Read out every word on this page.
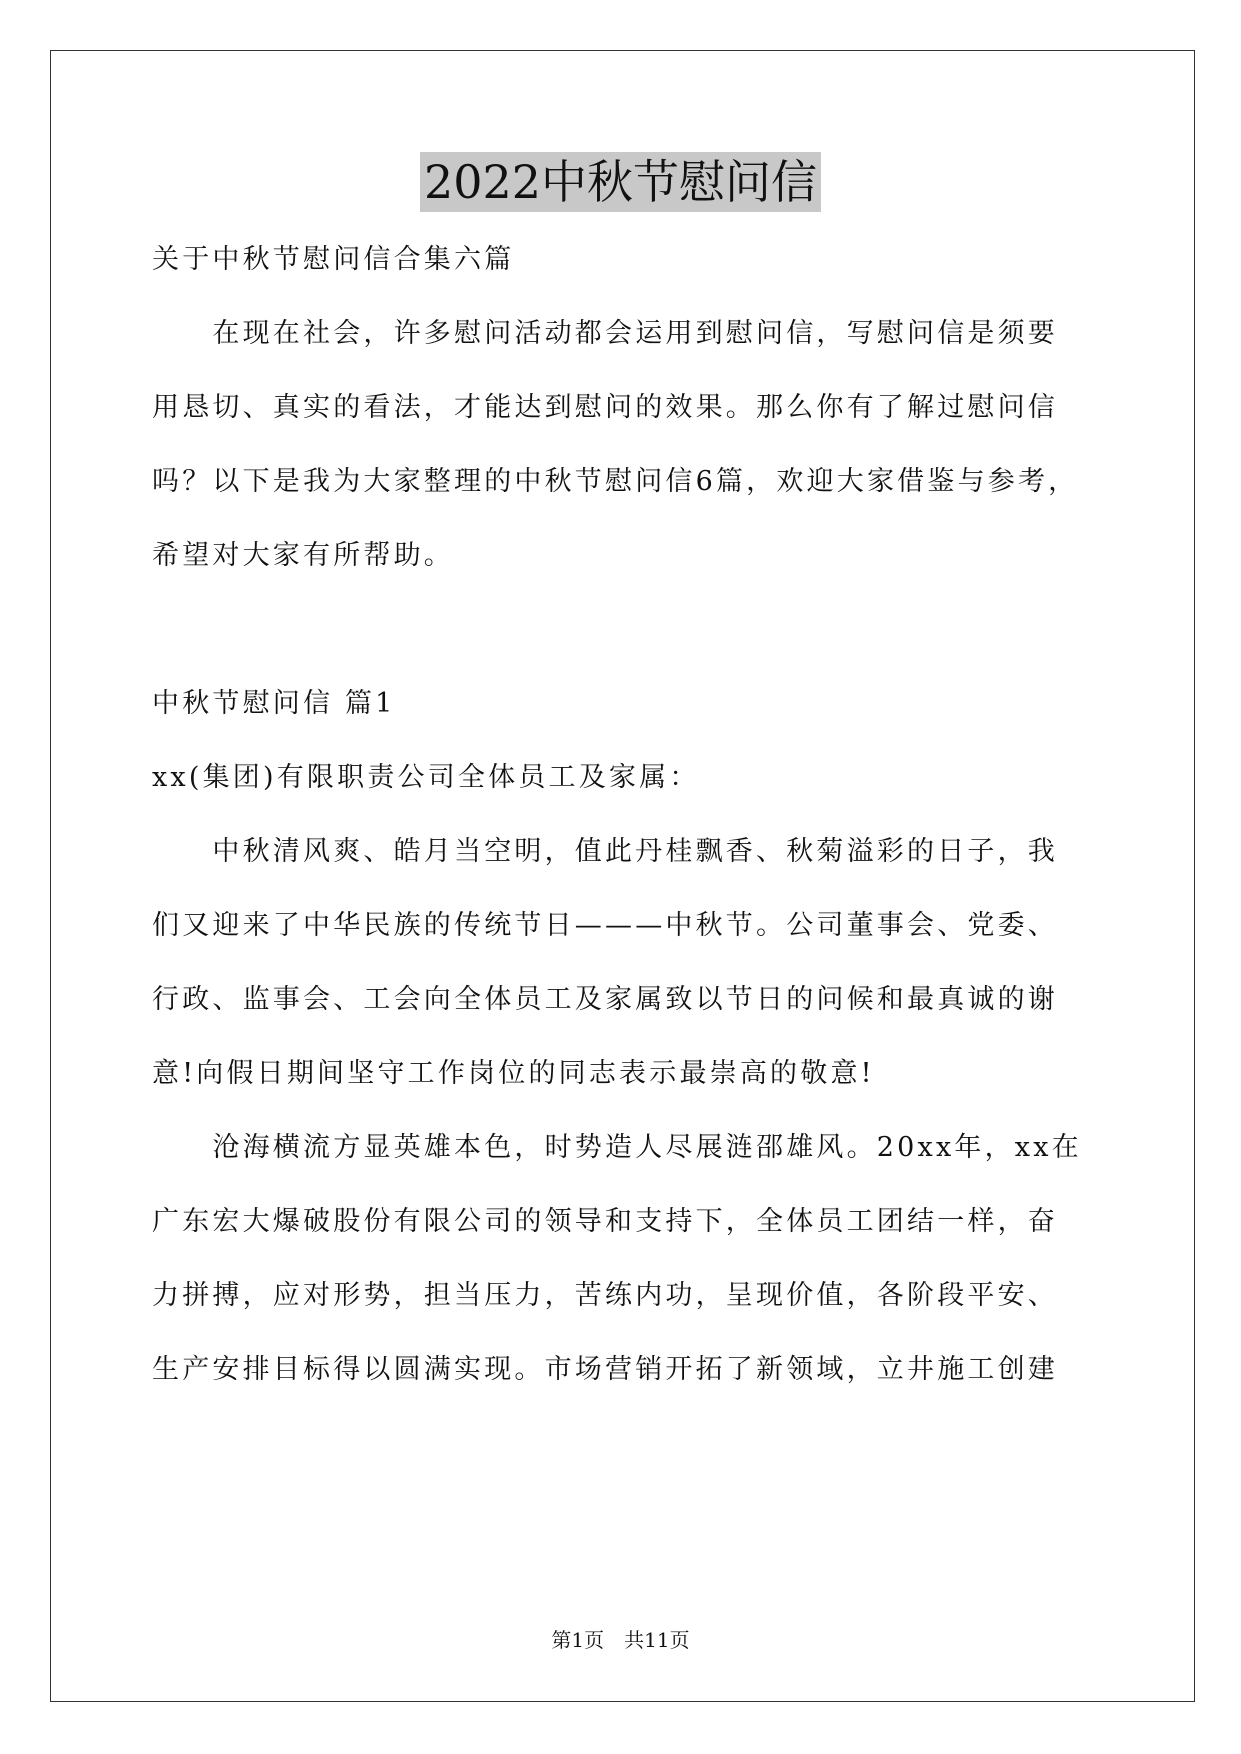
2022中秋节慰问信
关于中秋节慰问信合集六篇
　　在现在社会，许多慰问活动都会运用到慰问信，写慰问信是须要
用恳切、真实的看法，才能达到慰问的效果。那么你有了解过慰问信
吗？以下是我为大家整理的中秋节慰问信6篇，欢迎大家借鉴与参考，
希望对大家有所帮助。
中秋节慰问信 篇1
xx(集团)有限职责公司全体员工及家属：
　　中秋清风爽、皓月当空明，值此丹桂飘香、秋菊溢彩的日子，我
们又迎来了中华民族的传统节日———中秋节。公司董事会、党委、
行政、监事会、工会向全体员工及家属致以节日的问候和最真诚的谢
意!向假日期间坚守工作岗位的同志表示最崇高的敬意!
　　沧海横流方显英雄本色，时势造人尽展涟邵雄风。20xx年，xx在
广东宏大爆破股份有限公司的领导和支持下，全体员工团结一样，奋
力拼搏，应对形势，担当压力，苦练内功，呈现价值，各阶段平安、
生产安排目标得以圆满实现。市场营销开拓了新领域，立井施工创建
第1页　共11页
